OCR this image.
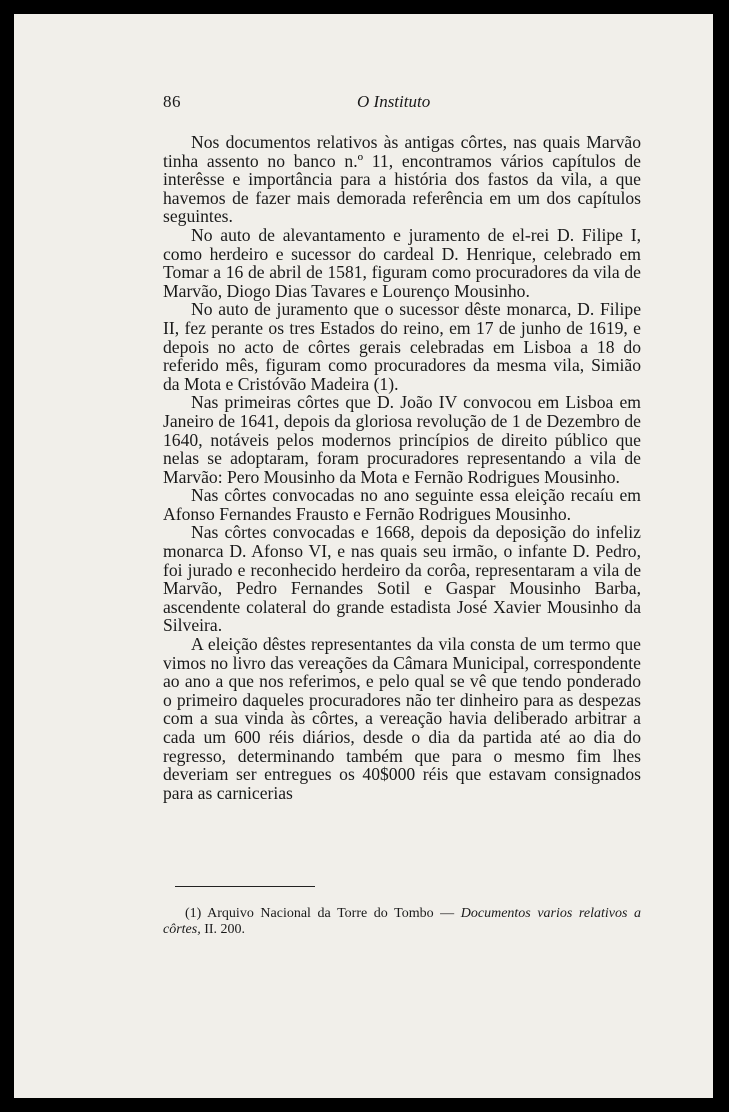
86	O Instituto

Nos documentos relativos às antigas côrtes, nas quais Marvão tinha assento no banco n.º 11, encontramos vários capítulos de interêsse e importância para a história dos fastos da vila, a que havemos de fazer mais demorada referência em um dos capítulos seguintes.

No auto de alevantamento e juramento de el-rei D. Filipe I, como herdeiro e sucessor do cardeal D. Henrique, celebrado em Tomar a 16 de abril de 1581, figuram como procuradores da vila de Marvão, Diogo Dias Tavares e Lourenço Mousinho.

No auto de juramento que o sucessor dêste monarca, D. Filipe II, fez perante os tres Estados do reino, em 17 de junho de 1619, e depois no acto de côrtes gerais celebradas em Lisboa a 18 do referido mês, figuram como procuradores da mesma vila, Simião da Mota e Cristóvão Madeira (1).

Nas primeiras côrtes que D. João IV convocou em Lisboa em Janeiro de 1641, depois da gloriosa revolução de 1 de Dezembro de 1640, notáveis pelos modernos princípios de direito público que nelas se adoptaram, foram procuradores representando a vila de Marvão: Pero Mousinho da Mota e Fernão Rodrigues Mousinho.

Nas côrtes convocadas no ano seguinte essa eleição recaíu em Afonso Fernandes Frausto e Fernão Rodrigues Mousinho.

Nas côrtes convocadas e 1668, depois da deposição do infeliz monarca D. Afonso VI, e nas quais seu irmão, o infante D. Pedro, foi jurado e reconhecido herdeiro da corôa, representaram a vila de Marvão, Pedro Fernandes Sotil e Gaspar Mousinho Barba, ascendente colateral do grande estadista José Xavier Mousinho da Silveira.

A eleição dêstes representantes da vila consta de um termo que vimos no livro das vereações da Câmara Municipal, correspondente ao ano a que nos referimos, e pelo qual se vê que tendo ponderado o primeiro daqueles procuradores não ter dinheiro para as despezas com a sua vinda às côrtes, a vereação havia deliberado arbitrar a cada um 600 réis diários, desde o dia da partida até ao dia do regresso, determinando também que para o mesmo fim lhes deveriam ser entregues os 40$000 réis que estavam consignados para as carnicerias

(1) Arquivo Nacional da Torre do Tombo — Documentos varios relativos a côrtes, II. 200.
